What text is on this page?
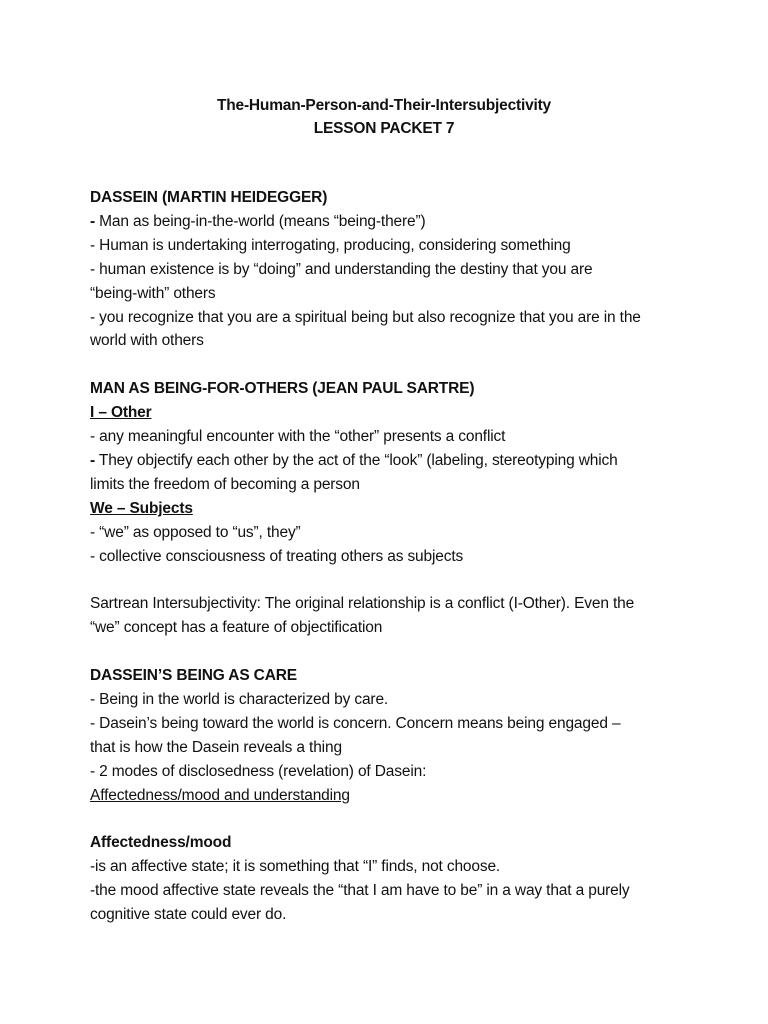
The-Human-Person-and-Their-Intersubjectivity
LESSON PACKET 7
DASSEIN (MARTIN HEIDEGGER)
- Man as being-in-the-world (means “being-there”)
- Human is undertaking interrogating, producing, considering something
- human existence is by “doing” and understanding the destiny that you are
“being-with” others
- you recognize that you are a spiritual being but also recognize that you are in the
world with others
MAN AS BEING-FOR-OTHERS (JEAN PAUL SARTRE)
I – Other
- any meaningful encounter with the “other” presents a conflict
- They objectify each other by the act of the “look” (labeling, stereotyping which
limits the freedom of becoming a person
We – Subjects
- “we” as opposed to “us”, they”
- collective consciousness of treating others as subjects
Sartrean Intersubjectivity: The original relationship is a conflict (I-Other). Even the
“we” concept has a feature of objectification
DASSEIN’S BEING AS CARE
- Being in the world is characterized by care.
- Dasein’s being toward the world is concern. Concern means being engaged –
that is how the Dasein reveals a thing
- 2 modes of disclosedness (revelation) of Dasein:
Affectedness/mood and understanding
Affectedness/mood
-is an affective state; it is something that “I” finds, not choose.
-the mood affective state reveals the “that I am have to be” in a way that a purely
cognitive state could ever do.
